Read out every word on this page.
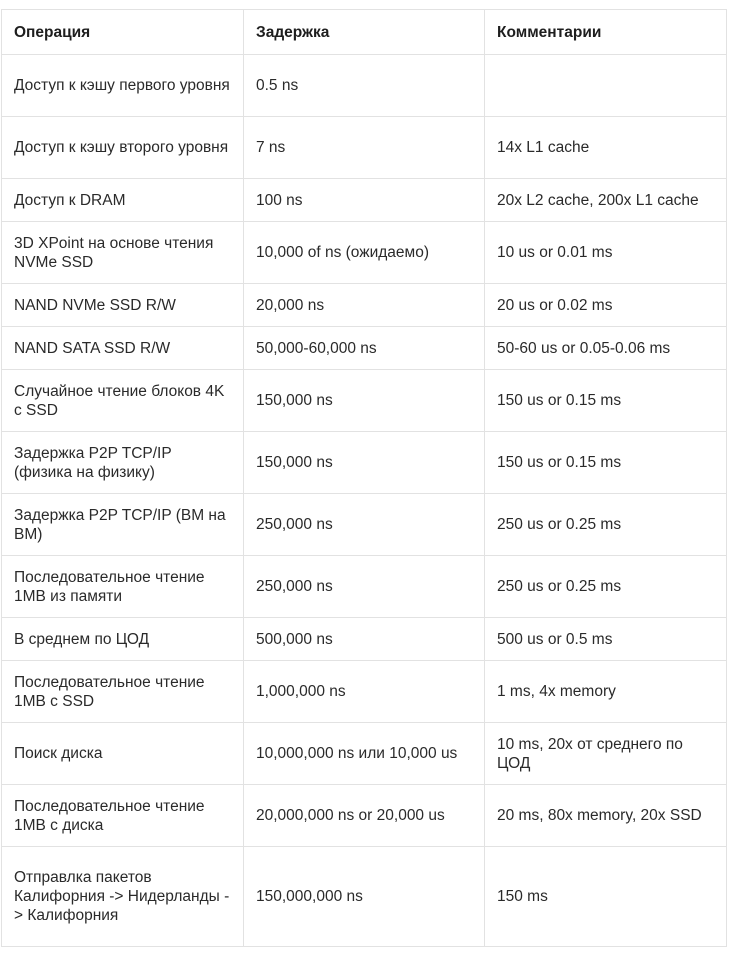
Операция	Задержка	Комментарии
Доступ к кэшу первого уровня	0.5 ns	
Доступ к кэшу второго уровня	7 ns	14x L1 cache
Доступ к DRAM	100 ns	20x L2 cache, 200x L1 cache
3D XPoint на основе чтения NVMe SSD	10,000 of ns (ожидаемо)	10 us or 0.01 ms
NAND NVMe SSD R/W	20,000 ns	20 us or 0.02 ms
NAND SATA SSD R/W	50,000-60,000 ns	50-60 us or 0.05-0.06 ms
Случайное чтение блоков 4K с SSD	150,000 ns	150 us or 0.15 ms
Задержка P2P TCP/IP (физика на физику)	150,000 ns	150 us or 0.15 ms
Задержка P2P TCP/IP (ВМ на ВМ)	250,000 ns	250 us or 0.25 ms
Последовательное чтение 1MB из памяти	250,000 ns	250 us or 0.25 ms
В среднем по ЦОД	500,000 ns	500 us or 0.5 ms
Последовательное чтение 1MB с SSD	1,000,000 ns	1 ms, 4x memory
Поиск диска	10,000,000 ns или 10,000 us	10 ms, 20x от среднего по ЦОД
Последовательное чтение 1MB с диска	20,000,000 ns or 20,000 us	20 ms, 80x memory, 20x SSD
Отправлка пакетов Калифорния -> Нидерланды -> Калифорния	150,000,000 ns	150 ms
